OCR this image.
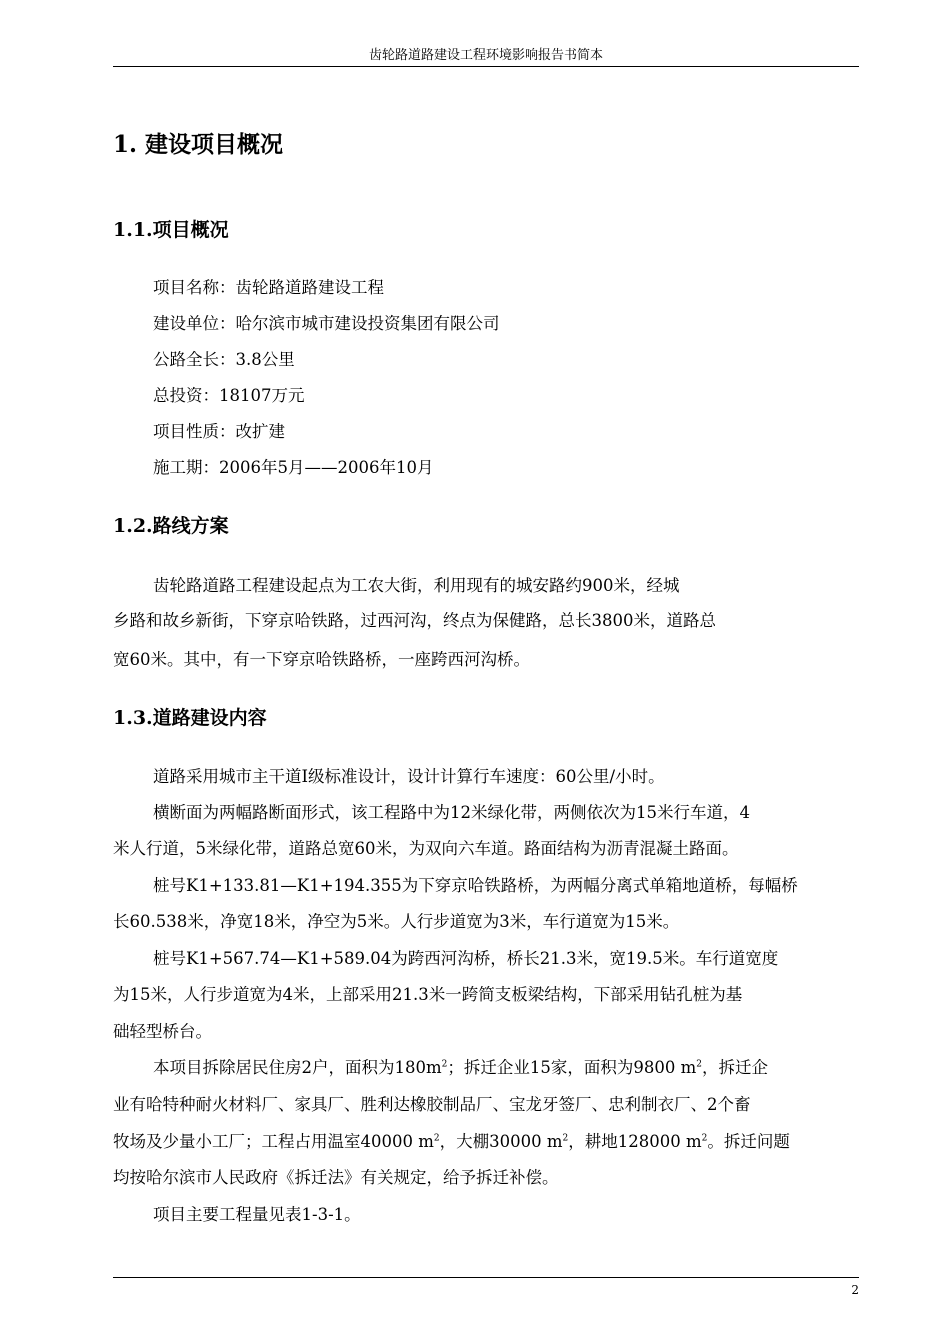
齿轮路道路建设工程环境影响报告书简本
1. 建设项目概况
1.1.项目概况
项目名称：齿轮路道路建设工程
建设单位：哈尔滨市城市建设投资集团有限公司
公路全长：3.8公里
总投资：18107万元
项目性质：改扩建
施工期：2006年5月——2006年10月
1.2.路线方案
齿轮路道路工程建设起点为工农大街，利用现有的城安路约900米，经城
乡路和故乡新街，下穿京哈铁路，过西河沟，终点为保健路，总长3800米，道路总
宽60米。其中，有一下穿京哈铁路桥，一座跨西河沟桥。
1.3.道路建设内容
道路采用城市主干道Ⅰ级标准设计，设计计算行车速度：60公里/小时。
横断面为两幅路断面形式，该工程路中为12米绿化带，两侧依次为15米行车道，4
米人行道，5米绿化带，道路总宽60米，为双向六车道。路面结构为沥青混凝土路面。
桩号K1+133.81—K1+194.355为下穿京哈铁路桥，为两幅分离式单箱地道桥，每幅桥
长60.538米，净宽18米，净空为5米。人行步道宽为3米，车行道宽为15米。
桩号K1+567.74—K1+589.04为跨西河沟桥，桥长21.3米，宽19.5米。车行道宽度
为15米，人行步道宽为4米，上部采用21.3米一跨简支板梁结构，下部采用钻孔桩为基
础轻型桥台。
本项目拆除居民住房2户，面积为$180m^2$；拆迁企业15家，面积为9800 $m^2$，拆迁企
业有哈特种耐火材料厂、家具厂、胜利达橡胶制品厂、宝龙牙签厂、忠利制衣厂、2个畜
牧场及少量小工厂；工程占用温室40000 $m^2$，大棚30000 $m^2$，耕地128000 $m^2$。拆迁问题
均按哈尔滨市人民政府《拆迁法》有关规定，给予拆迁补偿。
项目主要工程量见表1-3-1。
2
